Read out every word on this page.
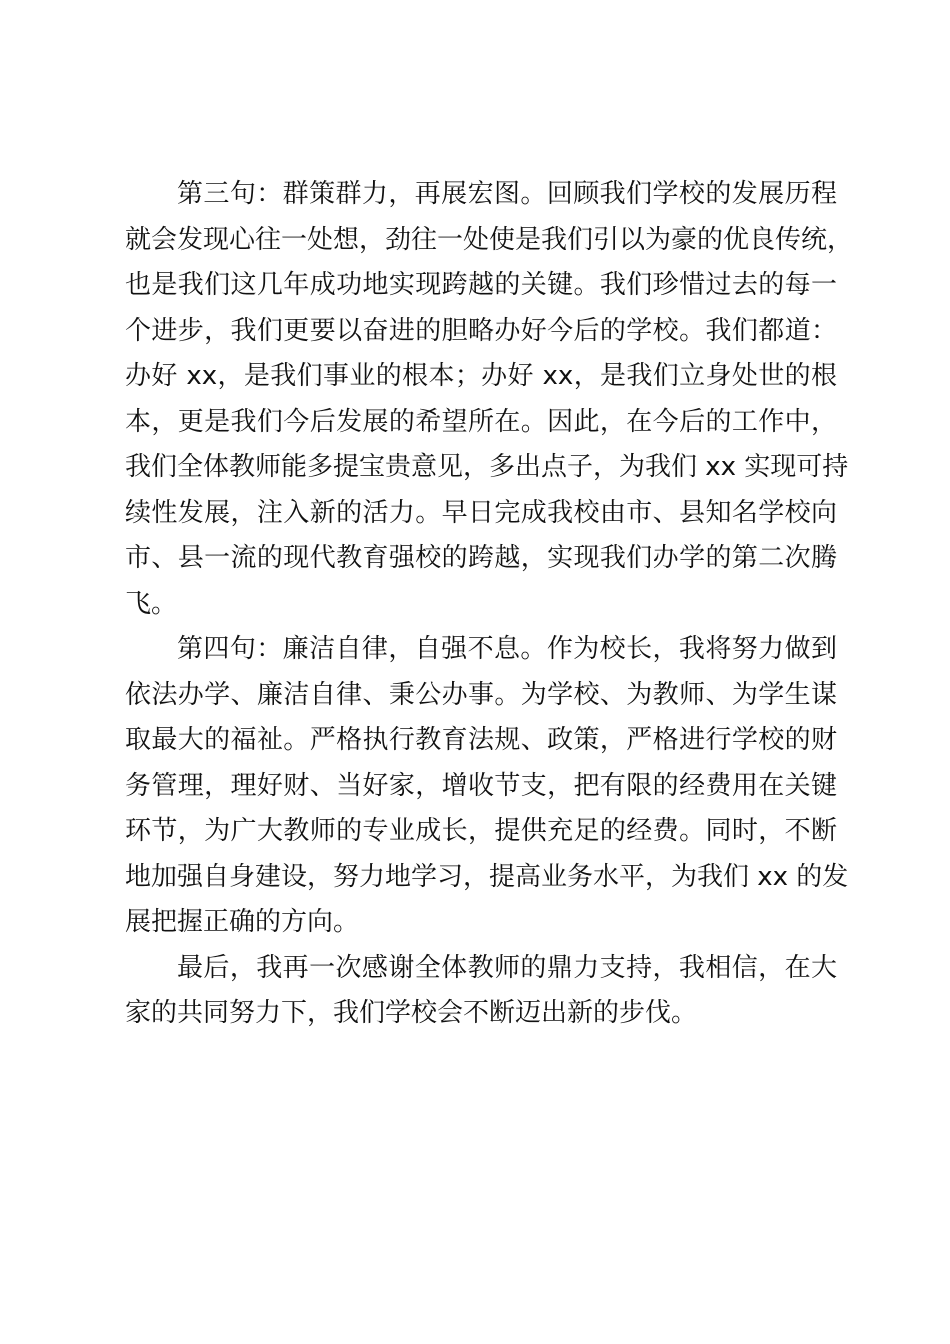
第三句：群策群力，再展宏图。回顾我们学校的发展历程
就会发现心往一处想，劲往一处使是我们引以为豪的优良传统，
也是我们这几年成功地实现跨越的关键。我们珍惜过去的每一
个进步，我们更要以奋进的胆略办好今后的学校。我们都道：
办好 xx，是我们事业的根本；办好 xx，是我们立身处世的根
本，更是我们今后发展的希望所在。因此，在今后的工作中，
我们全体教师能多提宝贵意见，多出点子，为我们 xx 实现可持
续性发展，注入新的活力。早日完成我校由市、县知名学校向
市、县一流的现代教育强校的跨越，实现我们办学的第二次腾
飞。
第四句：廉洁自律，自强不息。作为校长，我将努力做到
依法办学、廉洁自律、秉公办事。为学校、为教师、为学生谋
取最大的福祉。严格执行教育法规、政策，严格进行学校的财
务管理，理好财、当好家，增收节支，把有限的经费用在关键
环节，为广大教师的专业成长，提供充足的经费。同时，不断
地加强自身建设，努力地学习，提高业务水平，为我们 xx 的发
展把握正确的方向。
最后，我再一次感谢全体教师的鼎力支持，我相信，在大
家的共同努力下，我们学校会不断迈出新的步伐。
